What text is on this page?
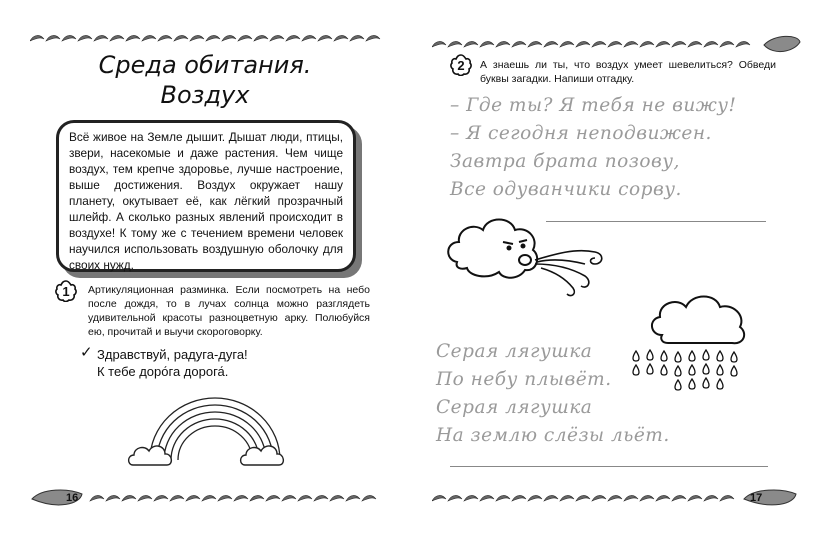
Среда обитания.
Воздух
Всё живое на Земле дышит. Дышат люди, птицы, звери, насекомые и даже растения. Чем чище воздух, тем крепче здоровье, лучше настроение, выше достижения. Воздух окружает нашу планету, окутывает её, как лёгкий прозрачный шлейф. А сколько разных явлений происходит в воздухе! К тому же с течением времени человек научился использовать воздушную оболочку для своих нужд.
1 Артикуляционная разминка. Если посмотреть на небо после дождя, то в лучах солнца можно разглядеть удивительной красоты разноцветную арку. Полюбуйся ею, прочитай и выучи скороговорку.
✓ Здравствуй, радуга-дуга!
К тебе доро́га дорога́.
16
2 А знаешь ли ты, что воздух умеет шевелиться? Обведи буквы загадки. Напиши отгадку.
– Где ты? Я тебя не вижу!
– Я сегодня неподвижен.
Завтра брата позову,
Все одуванчики сорву.
Серая лягушка
По небу плывёт.
Серая лягушка
На землю слёзы льёт.
17
